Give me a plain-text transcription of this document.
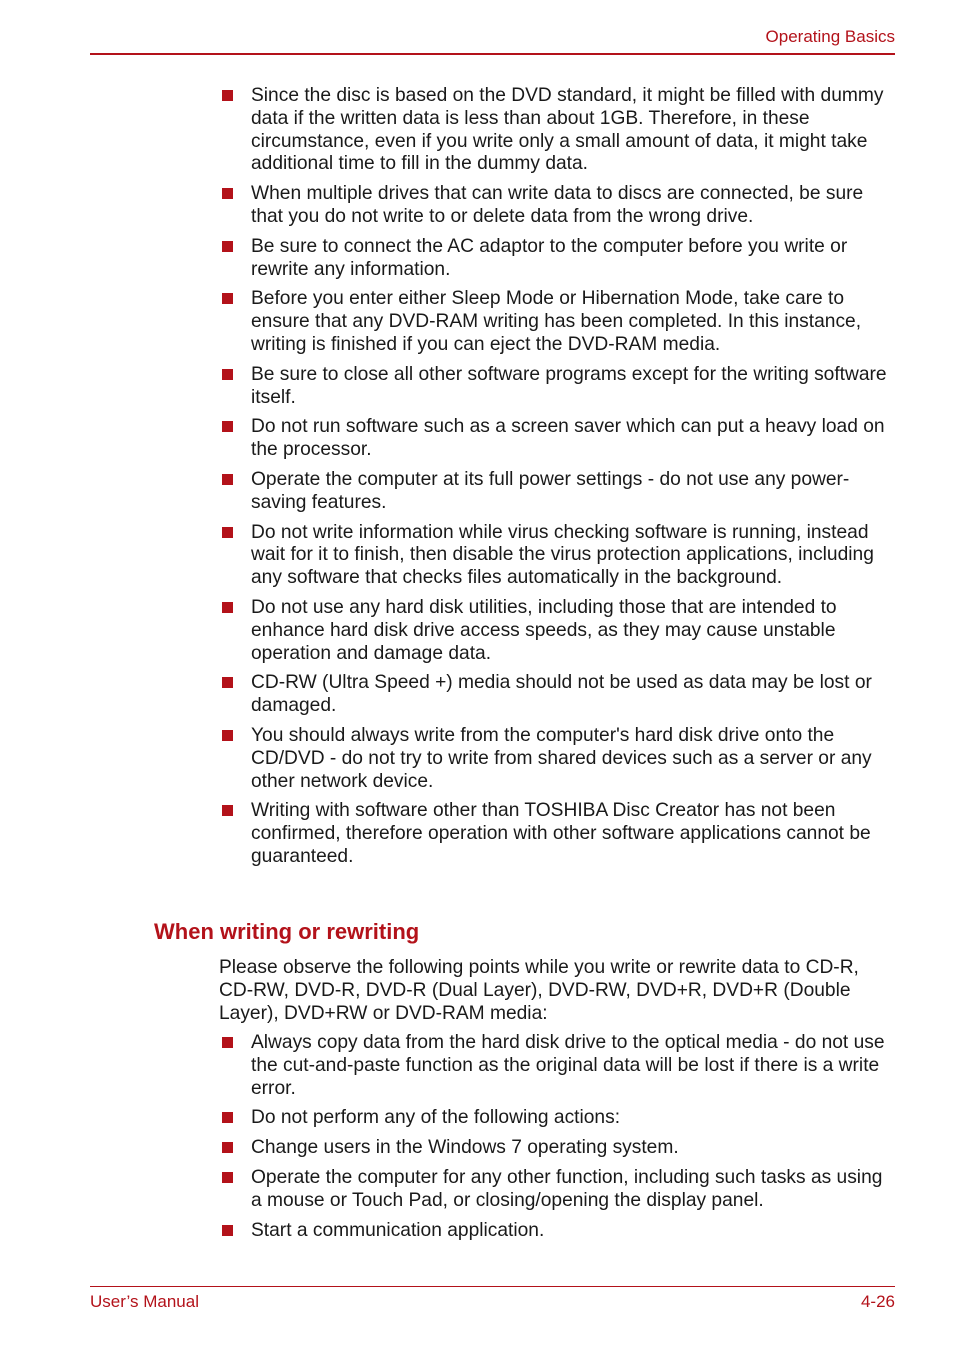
Operating Basics
Since the disc is based on the DVD standard, it might be filled with dummy data if the written data is less than about 1GB. Therefore, in these circumstance, even if you write only a small amount of data, it might take additional time to fill in the dummy data.
When multiple drives that can write data to discs are connected, be sure that you do not write to or delete data from the wrong drive.
Be sure to connect the AC adaptor to the computer before you write or rewrite any information.
Before you enter either Sleep Mode or Hibernation Mode, take care to ensure that any DVD-RAM writing has been completed. In this instance, writing is finished if you can eject the DVD-RAM media.
Be sure to close all other software programs except for the writing software itself.
Do not run software such as a screen saver which can put a heavy load on the processor.
Operate the computer at its full power settings - do not use any power-saving features.
Do not write information while virus checking software is running, instead wait for it to finish, then disable the virus protection applications, including any software that checks files automatically in the background.
Do not use any hard disk utilities, including those that are intended to enhance hard disk drive access speeds, as they may cause unstable operation and damage data.
CD-RW (Ultra Speed +) media should not be used as data may be lost or damaged.
You should always write from the computer's hard disk drive onto the CD/DVD - do not try to write from shared devices such as a server or any other network device.
Writing with software other than TOSHIBA Disc Creator has not been confirmed, therefore operation with other software applications cannot be guaranteed.
When writing or rewriting

Please observe the following points while you write or rewrite data to CD-R, CD-RW, DVD-R, DVD-R (Dual Layer), DVD-RW, DVD+R, DVD+R (Double Layer), DVD+RW or DVD-RAM media:

Always copy data from the hard disk drive to the optical media - do not use the cut-and-paste function as the original data will be lost if there is a write error.
Do not perform any of the following actions:
Change users in the Windows 7 operating system.
Operate the computer for any other function, including such tasks as using a mouse or Touch Pad, or closing/opening the display panel.
Start a communication application.
User’s Manual	4-26
